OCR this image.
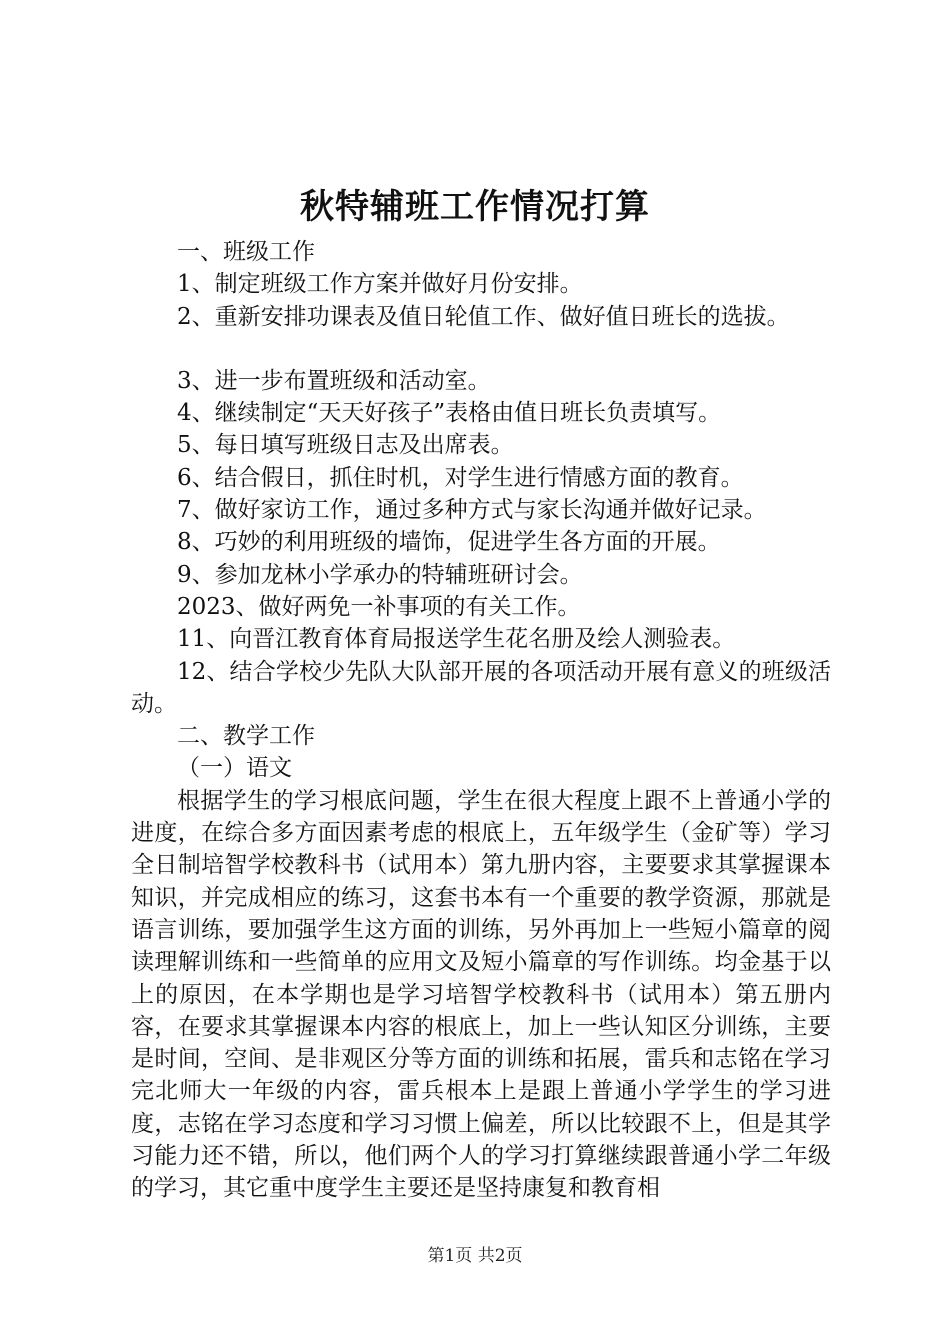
秋特辅班工作情况打算

一、班级工作

1、制定班级工作方案并做好月份安排。

2、重新安排功课表及值日轮值工作、做好值日班长的选拔。

3、进一步布置班级和活动室。

4、继续制定“天天好孩子”表格由值日班长负责填写。

5、每日填写班级日志及出席表。

6、结合假日，抓住时机，对学生进行情感方面的教育。

7、做好家访工作，通过多种方式与家长沟通并做好记录。

8、巧妙的利用班级的墙饰，促进学生各方面的开展。

9、参加龙林小学承办的特辅班研讨会。

2023、做好两免一补事项的有关工作。

11、向晋江教育体育局报送学生花名册及绘人测验表。

12、结合学校少先队大队部开展的各项活动开展有意义的班级活动。

二、教学工作

（一）语文

根据学生的学习根底问题，学生在很大程度上跟不上普通小学的进度，在综合多方面因素考虑的根底上，五年级学生（金矿等）学习全日制培智学校教科书（试用本）第九册内容，主要要求其掌握课本知识，并完成相应的练习，这套书本有一个重要的教学资源，那就是语言训练，要加强学生这方面的训练，另外再加上一些短小篇章的阅读理解训练和一些简单的应用文及短小篇章的写作训练。均金基于以上的原因，在本学期也是学习培智学校教科书（试用本）第五册内容，在要求其掌握课本内容的根底上，加上一些认知区分训练，主要是时间，空间、是非观区分等方面的训练和拓展，雷兵和志铭在学习完北师大一年级的内容，雷兵根本上是跟上普通小学学生的学习进度，志铭在学习态度和学习习惯上偏差，所以比较跟不上，但是其学习能力还不错，所以，他们两个人的学习打算继续跟普通小学二年级的学习，其它重中度学生主要还是坚持康复和教育相

第1页 共2页
